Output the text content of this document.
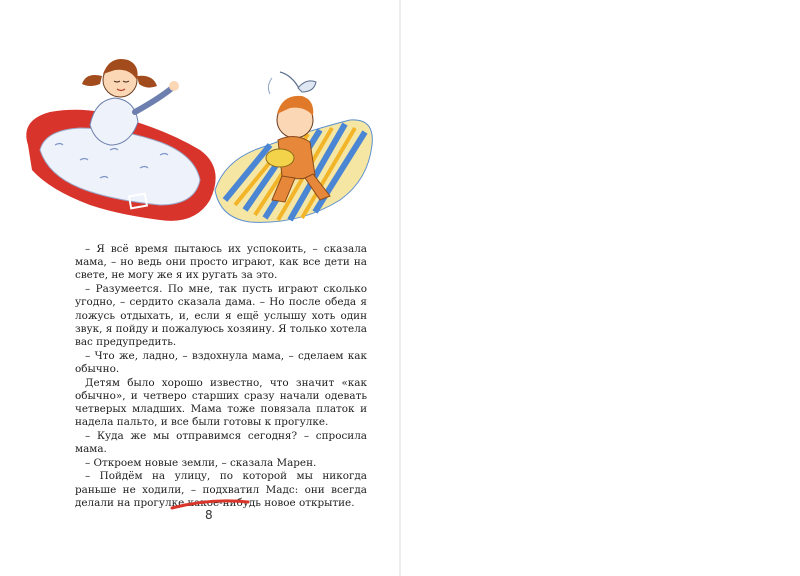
– Я всё время пытаюсь их успокоить, – сказала мама, – но ведь они просто играют, как все дети на свете, не могу же я их ругать за это.

– Разумеется. По мне, так пусть играют сколько угодно, – сердито сказала дама. – Но после обеда я ложусь отдыхать, и, если я ещё услышу хоть один звук, я пойду и пожалуюсь хозяину. Я только хотела вас предупредить.

– Что же, ладно, – вздохнула мама, – сделаем как обычно.

Детям было хорошо известно, что значит «как обычно», и четверо старших сразу начали одевать четверых младших. Мама тоже повязала платок и надела пальто, и все были готовы к прогулке.

– Куда же мы отправимся сегодня? – спросила мама.

– Откроем новые земли, – сказала Марен.

– Пойдём на улицу, по которой мы никогда раньше не ходили, – подхватил Мадс: они всегда делали на прогулке какое-нибудь новое открытие.

8
